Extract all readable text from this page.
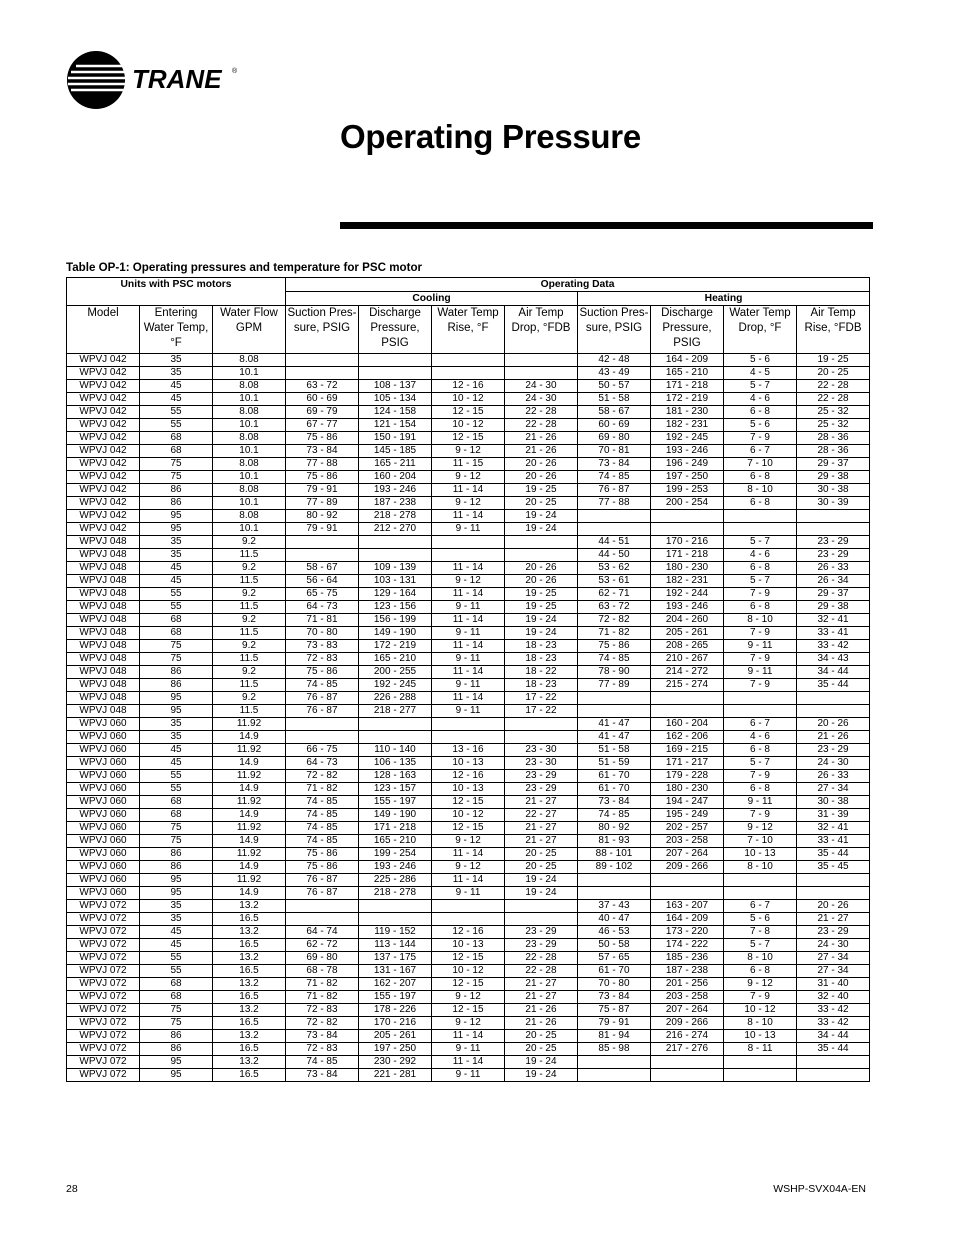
TRANE ®
Operating Pressure
Table OP-1: Operating pressures and temperature for PSC motor
Units with PSC motors			Operating Data							
			Cooling				Heating			
Model	Entering Water Temp, °F	Water Flow GPM	Suction Pres-sure, PSIG	Discharge Pressure, PSIG	Water Temp Rise, °F	Air Temp Drop, °FDB	Suction Pres-sure, PSIG	Discharge Pressure, PSIG	Water Temp Drop, °F	Air Temp Rise, °FDB
WPVJ 042	35	8.08					42 - 48	164 - 209	5 - 6	19 - 25
WPVJ 042	35	10.1					43 - 49	165 - 210	4 - 5	20 - 25
WPVJ 042	45	8.08	63 - 72	108 - 137	12 - 16	24 - 30	50 - 57	171 - 218	5 - 7	22 - 28
WPVJ 042	45	10.1	60 - 69	105 - 134	10 - 12	24 - 30	51 - 58	172 - 219	4 - 6	22 - 28
WPVJ 042	55	8.08	69 - 79	124 - 158	12 - 15	22 - 28	58 - 67	181 - 230	6 - 8	25 - 32
WPVJ 042	55	10.1	67 - 77	121 - 154	10 - 12	22 - 28	60 - 69	182 - 231	5 - 6	25 - 32
WPVJ 042	68	8.08	75 - 86	150 - 191	12 - 15	21 - 26	69 - 80	192 - 245	7 - 9	28 - 36
WPVJ 042	68	10.1	73 - 84	145 - 185	9 - 12	21 - 26	70 - 81	193 - 246	6 - 7	28 - 36
WPVJ 042	75	8.08	77 - 88	165 - 211	11 - 15	20 - 26	73 - 84	196 - 249	7 - 10	29 - 37
WPVJ 042	75	10.1	75 - 86	160 - 204	9 - 12	20 - 26	74 - 85	197 - 250	6 - 8	29 - 38
WPVJ 042	86	8.08	79 - 91	193 - 246	11 - 14	19 - 25	76 - 87	199 - 253	8 - 10	30 - 38
WPVJ 042	86	10.1	77 - 89	187 - 238	9 - 12	20 - 25	77 - 88	200 - 254	6 - 8	30 - 39
WPVJ 042	95	8.08	80 - 92	218 - 278	11 - 14	19 - 24				
WPVJ 042	95	10.1	79 - 91	212 - 270	9 - 11	19 - 24				
WPVJ 048	35	9.2					44 - 51	170 - 216	5 - 7	23 - 29
WPVJ 048	35	11.5					44 - 50	171 - 218	4 - 6	23 - 29
WPVJ 048	45	9.2	58 - 67	109 - 139	11 - 14	20 - 26	53 - 62	180 - 230	6 - 8	26 - 33
WPVJ 048	45	11.5	56 - 64	103 - 131	9 - 12	20 - 26	53 - 61	182 - 231	5 - 7	26 - 34
WPVJ 048	55	9.2	65 - 75	129 - 164	11 - 14	19 - 25	62 - 71	192 - 244	7 - 9	29 - 37
WPVJ 048	55	11.5	64 - 73	123 - 156	9 - 11	19 - 25	63 - 72	193 - 246	6 - 8	29 - 38
WPVJ 048	68	9.2	71 - 81	156 - 199	11 - 14	19 - 24	72 - 82	204 - 260	8 - 10	32 - 41
WPVJ 048	68	11.5	70 - 80	149 - 190	9 - 11	19 - 24	71 - 82	205 - 261	7 - 9	33 - 41
WPVJ 048	75	9.2	73 - 83	172 - 219	11 - 14	18 - 23	75 - 86	208 - 265	9 - 11	33 - 42
WPVJ 048	75	11.5	72 - 83	165 - 210	9 - 11	18 - 23	74 - 85	210 - 267	7 - 9	34 - 43
WPVJ 048	86	9.2	75 - 86	200 - 255	11 - 14	18 - 22	78 - 90	214 - 272	9 - 11	34 - 44
WPVJ 048	86	11.5	74 - 85	192 - 245	9 - 11	18 - 23	77 - 89	215 - 274	7 - 9	35 - 44
WPVJ 048	95	9.2	76 - 87	226 - 288	11 - 14	17 - 22				
WPVJ 048	95	11.5	76 - 87	218 - 277	9 - 11	17 - 22				
WPVJ 060	35	11.92					41 - 47	160 - 204	6 - 7	20 - 26
WPVJ 060	35	14.9					41 - 47	162 - 206	4 - 6	21 - 26
WPVJ 060	45	11.92	66 - 75	110 - 140	13 - 16	23 - 30	51 - 58	169 - 215	6 - 8	23 - 29
WPVJ 060	45	14.9	64 - 73	106 - 135	10 - 13	23 - 30	51 - 59	171 - 217	5 - 7	24 - 30
WPVJ 060	55	11.92	72 - 82	128 - 163	12 - 16	23 - 29	61 - 70	179 - 228	7 - 9	26 - 33
WPVJ 060	55	14.9	71 - 82	123 - 157	10 - 13	23 - 29	61 - 70	180 - 230	6 - 8	27 - 34
WPVJ 060	68	11.92	74 - 85	155 - 197	12 - 15	21 - 27	73 - 84	194 - 247	9 - 11	30 - 38
WPVJ 060	68	14.9	74 - 85	149 - 190	10 - 12	22 - 27	74 - 85	195 - 249	7 - 9	31 - 39
WPVJ 060	75	11.92	74 - 85	171 - 218	12 - 15	21 - 27	80 - 92	202 - 257	9 - 12	32 - 41
WPVJ 060	75	14.9	74 - 85	165 - 210	9 - 12	21 - 27	81 - 93	203 - 258	7 - 10	33 - 41
WPVJ 060	86	11.92	75 - 86	199 - 254	11 - 14	20 - 25	88 - 101	207 - 264	10 - 13	35 - 44
WPVJ 060	86	14.9	75 - 86	193 - 246	9 - 12	20 - 25	89 - 102	209 - 266	8 - 10	35 - 45
WPVJ 060	95	11.92	76 - 87	225 - 286	11 - 14	19 - 24				
WPVJ 060	95	14.9	76 - 87	218 - 278	9 - 11	19 - 24				
WPVJ 072	35	13.2					37 - 43	163 - 207	6 - 7	20 - 26
WPVJ 072	35	16.5					40 - 47	164 - 209	5 - 6	21 - 27
WPVJ 072	45	13.2	64 - 74	119 - 152	12 - 16	23 - 29	46 - 53	173 - 220	7 - 8	23 - 29
WPVJ 072	45	16.5	62 - 72	113 - 144	10 - 13	23 - 29	50 - 58	174 - 222	5 - 7	24 - 30
WPVJ 072	55	13.2	69 - 80	137 - 175	12 - 15	22 - 28	57 - 65	185 - 236	8 - 10	27 - 34
WPVJ 072	55	16.5	68 - 78	131 - 167	10 - 12	22 - 28	61 - 70	187 - 238	6 - 8	27 - 34
WPVJ 072	68	13.2	71 - 82	162 - 207	12 - 15	21 - 27	70 - 80	201 - 256	9 - 12	31 - 40
WPVJ 072	68	16.5	71 - 82	155 - 197	9 - 12	21 - 27	73 - 84	203 - 258	7 - 9	32 - 40
WPVJ 072	75	13.2	72 - 83	178 - 226	12 - 15	21 - 26	75 - 87	207 - 264	10 - 12	33 - 42
WPVJ 072	75	16.5	72 - 82	170 - 216	9 - 12	21 - 26	79 - 91	209 - 266	8 - 10	33 - 42
WPVJ 072	86	13.2	73 - 84	205 - 261	11 - 14	20 - 25	81 - 94	216 - 274	10 - 13	34 - 44
WPVJ 072	86	16.5	72 - 83	197 - 250	9 - 11	20 - 25	85 - 98	217 - 276	8 - 11	35 - 44
WPVJ 072	95	13.2	74 - 85	230 - 292	11 - 14	19 - 24				
WPVJ 072	95	16.5	73 - 84	221 - 281	9 - 11	19 - 24				
28	WSHP-SVX04A-EN
